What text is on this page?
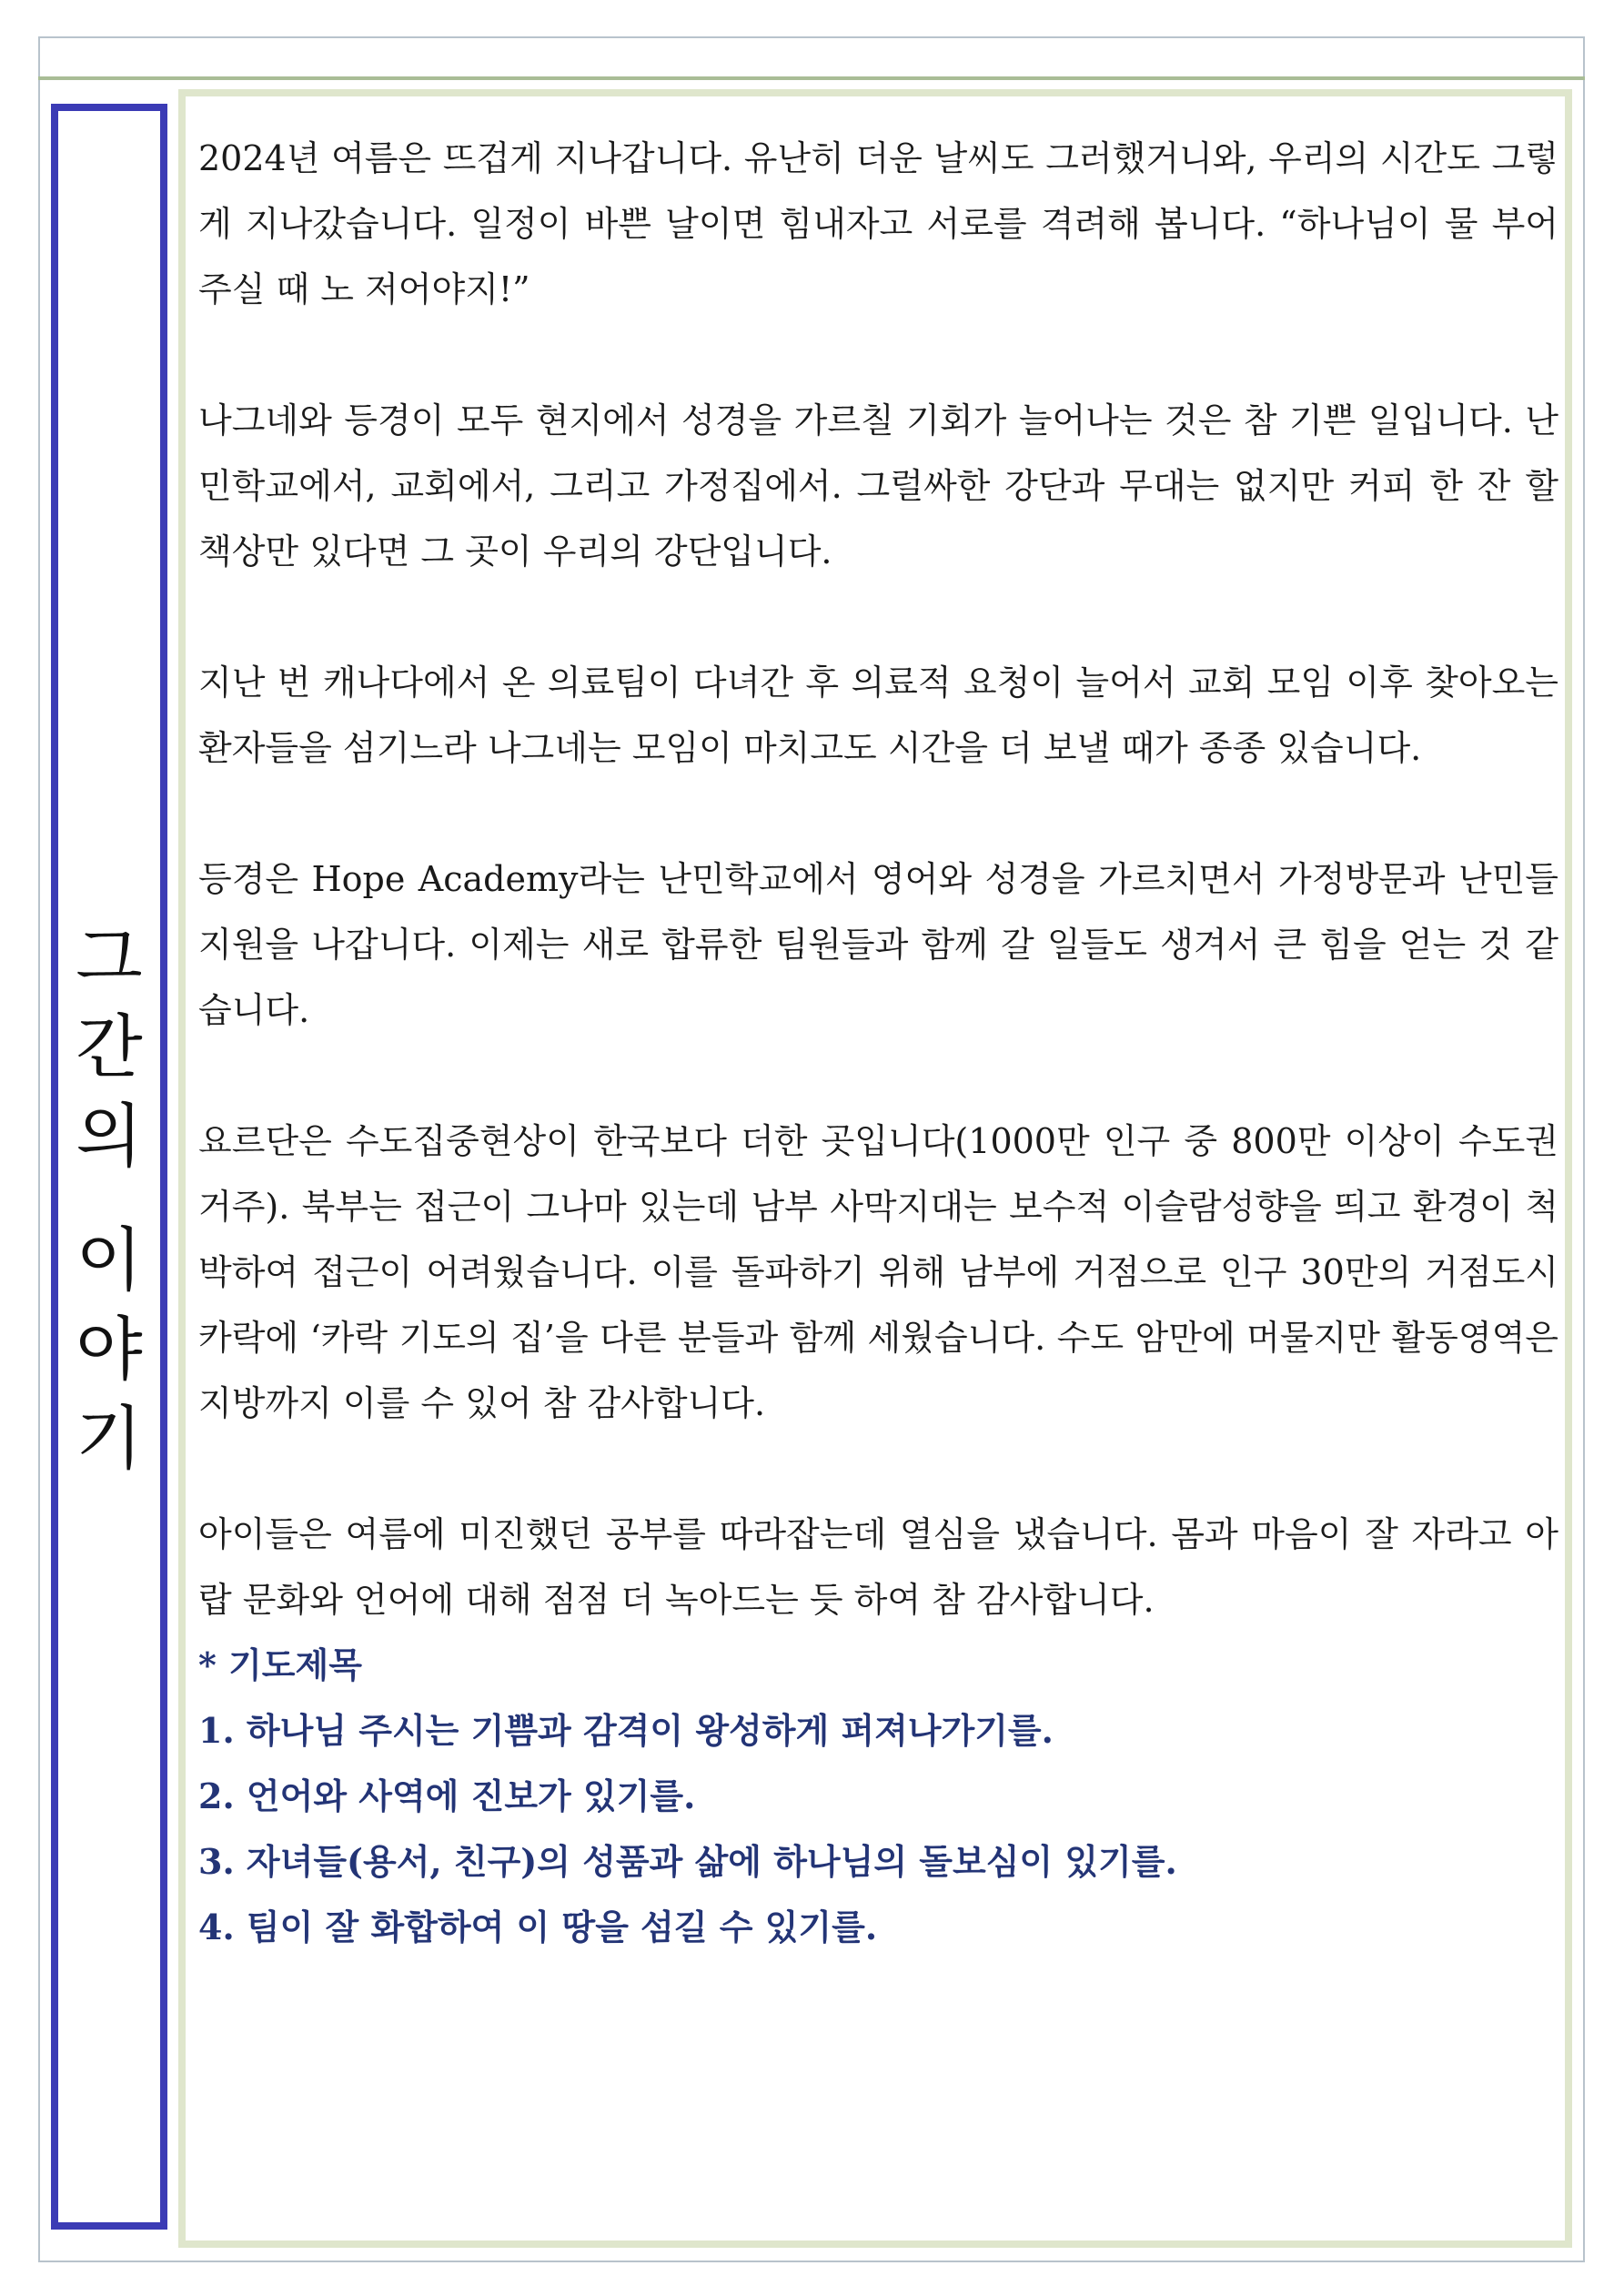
그
간
의
이
야
기

2024년 여름은 뜨겁게 지나갑니다. 유난히 더운 날씨도 그러했거니와, 우리의 시간도 그렇게 지나갔습니다. 일정이 바쁜 날이면 힘내자고 서로를 격려해 봅니다. “하나님이 물 부어 주실 때 노 저어야지!”

나그네와 등경이 모두 현지에서 성경을 가르칠 기회가 늘어나는 것은 참 기쁜 일입니다. 난민학교에서, 교회에서, 그리고 가정집에서. 그럴싸한 강단과 무대는 없지만 커피 한 잔 할 책상만 있다면 그 곳이 우리의 강단입니다.

지난 번 캐나다에서 온 의료팀이 다녀간 후 의료적 요청이 늘어서 교회 모임 이후 찾아오는 환자들을 섬기느라 나그네는 모임이 마치고도 시간을 더 보낼 때가 종종 있습니다.

등경은 Hope Academy라는 난민학교에서 영어와 성경을 가르치면서 가정방문과 난민들 지원을 나갑니다. 이제는 새로 합류한 팀원들과 함께 갈 일들도 생겨서 큰 힘을 얻는 것 같습니다.

요르단은 수도집중현상이 한국보다 더한 곳입니다(1000만 인구 중 800만 이상이 수도권 거주). 북부는 접근이 그나마 있는데 남부 사막지대는 보수적 이슬람성향을 띄고 환경이 척박하여 접근이 어려웠습니다. 이를 돌파하기 위해 남부에 거점으로 인구 30만의 거점도시 카락에 ‘카락 기도의 집’을 다른 분들과 함께 세웠습니다. 수도 암만에 머물지만 활동영역은 지방까지 이를 수 있어 참 감사합니다.

아이들은 여름에 미진했던 공부를 따라잡는데 열심을 냈습니다. 몸과 마음이 잘 자라고 아랍 문화와 언어에 대해 점점 더 녹아드는 듯 하여 참 감사합니다.

* 기도제목
1. 하나님 주시는 기쁨과 감격이 왕성하게 퍼져나가기를.
2. 언어와 사역에 진보가 있기를.
3. 자녀들(용서, 친구)의 성품과 삶에 하나님의 돌보심이 있기를.
4. 팀이 잘 화합하여 이 땅을 섬길 수 있기를.
